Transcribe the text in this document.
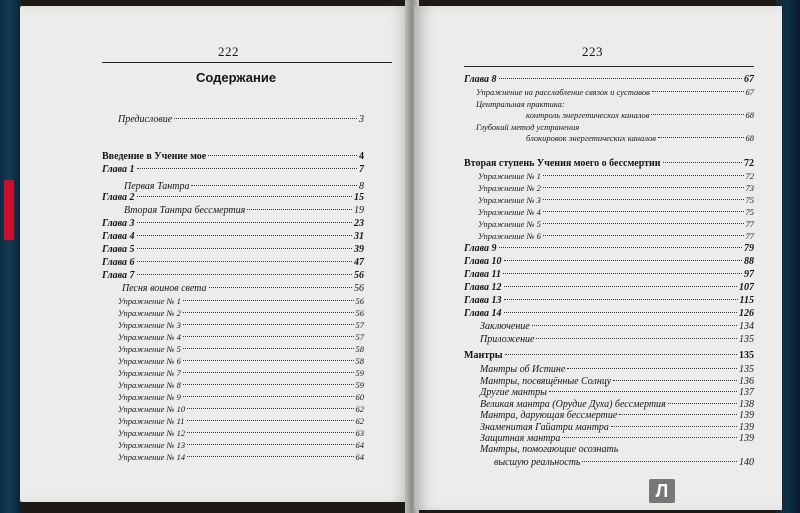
222
Содержание
Предисловие	3
Введение в Учение мое	4
Глава 1	7
Первая Тантра	8
Глава 2	15
Вторая Тантра бессмертия	19
Глава 3	23
Глава 4	31
Глава 5	39
Глава 6	47
Глава 7	56
Песня воинов света	56
Упражнение № 1	56
Упражнение № 2	56
Упражнение № 3	57
Упражнение № 4	57
Упражнение № 5	58
Упражнение № 6	58
Упражнение № 7	59
Упражнение № 8	59
Упражнение № 9	60
Упражнение № 10	62
Упражнение № 11	62
Упражнение № 12	63
Упражнение № 13	64
Упражнение № 14	64
223
Глава 8	67
Упражнение на расслабление связок и суставов	67
Центральная практика:
контроль энергетических каналов	68
Глубокий метод устранения
блокировок энергетических каналов	68
Вторая ступень Учения моего о бессмертии	72
Упражнение № 1	72
Упражнение № 2	73
Упражнение № 3	75
Упражнение № 4	75
Упражнение № 5	77
Упражнение № 6	77
Глава 9	79
Глава 10	88
Глава 11	97
Глава 12	107
Глава 13	115
Глава 14	126
Заключение	134
Приложение	135
Мантры	135
Мантры об Истине	135
Мантры, посвящённые Солнцу	136
Другие мантры	137
Великая мантра (Орудие Духа) бессмертия	138
Мантра, дарующая бессмертие	139
Знаменитая Гайатри мантра	139
Защитная мантра	139
Мантры, помогающие осознать
высшую реальность	140
Л
